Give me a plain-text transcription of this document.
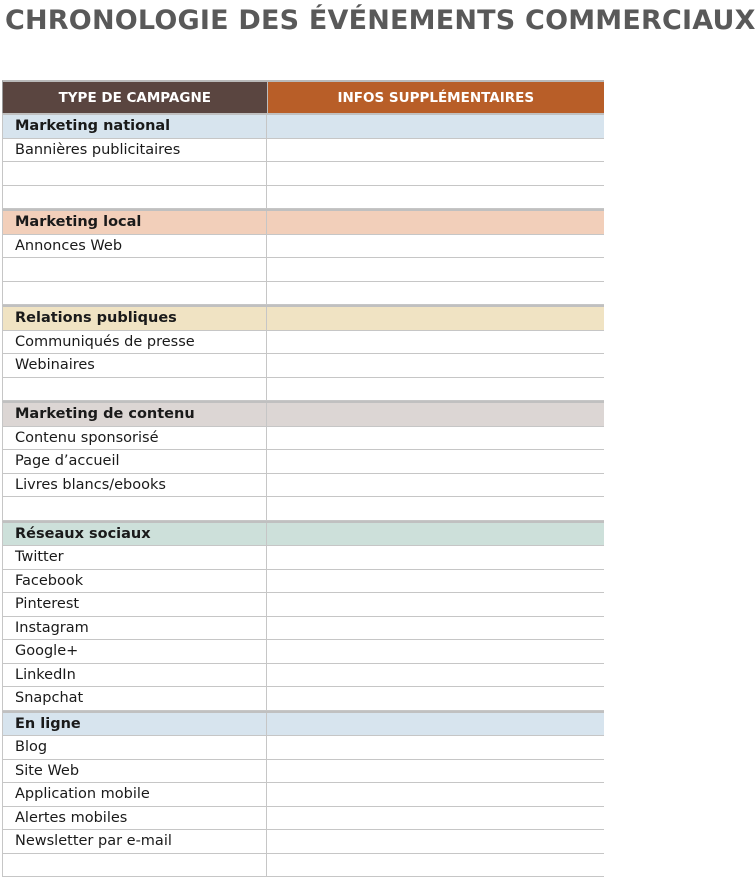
CHRONOLOGIE DES ÉVÉNEMENTS COMMERCIAUX
TYPE DE CAMPAGNE	INFOS SUPPLÉMENTAIRES
Marketing national
Bannières publicitaires
Marketing local
Annonces Web
Relations publiques
Communiqués de presse
Webinaires
Marketing de contenu
Contenu sponsorisé
Page d’accueil
Livres blancs/ebooks
Réseaux sociaux
Twitter
Facebook
Pinterest
Instagram
Google+
LinkedIn
Snapchat
En ligne
Blog
Site Web
Application mobile
Alertes mobiles
Newsletter par e-mail
